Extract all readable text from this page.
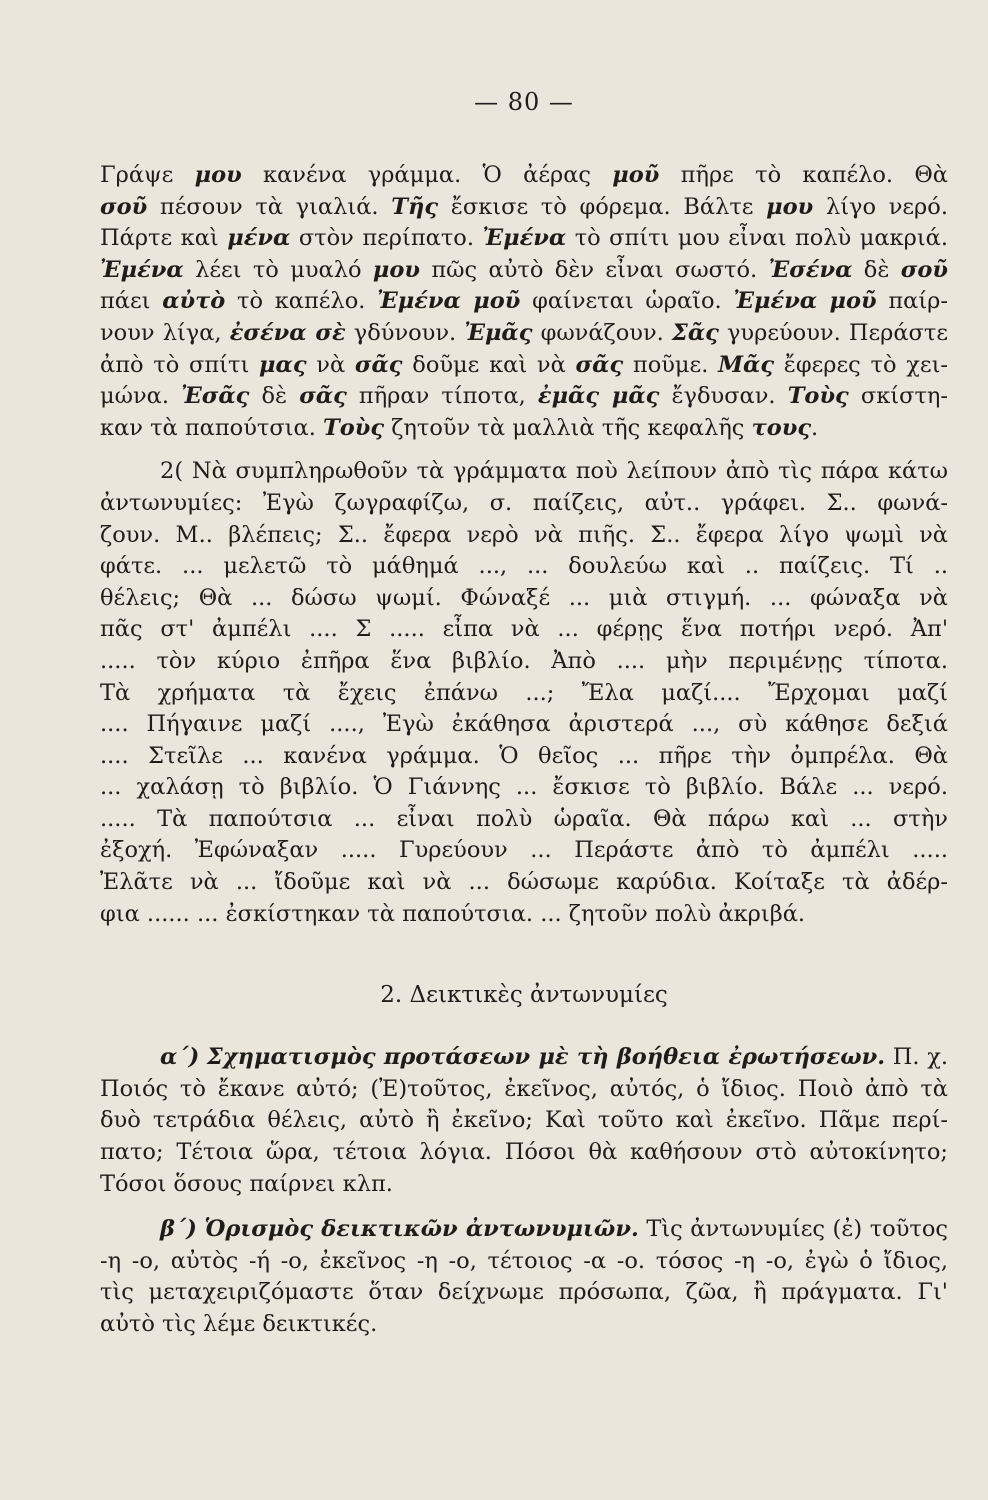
— 80 —
Γράψε μου κανένα γράμμα. Ὁ ἀέρας μοῦ πῆρε τὸ καπέλο. Θὰ
σοῦ πέσουν τὰ γιαλιά. Τῆς ἔσκισε τὸ φόρεμα. Βάλτε μου λίγο νερό.
Πάρτε καὶ μένα στὸν περίπατο. Ἐμένα τὸ σπίτι μου εἶναι πολὺ μακριά.
Ἐμένα λέει τὸ μυαλό μου πῶς αὐτὸ δὲν εἶναι σωστό. Ἐσένα δὲ σοῦ
πάει αὐτὸ τὸ καπέλο. Ἐμένα μοῦ φαίνεται ὡραῖο. Ἐμένα μοῦ παίρ-
νουν λίγα, ἐσένα σὲ γδύνουν. Ἐμᾶς φωνάζουν. Σᾶς γυρεύουν. Περάστε
ἀπὸ τὸ σπίτι μας νὰ σᾶς δοῦμε καὶ νὰ σᾶς ποῦμε. Μᾶς ἔφερες τὸ χει-
μώνα. Ἐσᾶς δὲ σᾶς πῆραν τίποτα, ἐμᾶς μᾶς ἔγδυσαν. Τοὺς σκίστη-
καν τὰ παπούτσια. Τοὺς ζητοῦν τὰ μαλλιὰ τῆς κεφαλῆς τους.
2( Νὰ συμπληρωθοῦν τὰ γράμματα ποὺ λείπουν ἀπὸ τὶς πάρα κάτω
ἀντωνυμίες: Ἐγὼ ζωγραφίζω, σ. παίζεις, αὐτ.. γράφει. Σ.. φωνά-
ζουν. Μ.. βλέπεις; Σ.. ἔφερα νερὸ νὰ πιῆς. Σ.. ἔφερα λίγο ψωμὶ νὰ
φάτε. ... μελετῶ τὸ μάθημά ..., ... δουλεύω καὶ .. παίζεις. Τί ..
θέλεις; Θὰ ... δώσω ψωμί. Φώναξέ ... μιὰ στιγμή. ... φώναξα νὰ
πᾶς στ' ἀμπέλι .... Σ ..... εἶπα νὰ ... φέρῃς ἕνα ποτήρι νερό. Ἀπ'
..... τὸν κύριο ἐπῆρα ἕνα βιβλίο. Ἀπὸ .... μὴν περιμένῃς τίποτα.
Τὰ χρήματα τὰ ἔχεις ἐπάνω ...; Ἔλα μαζί.... Ἔρχομαι μαζί
.... Πήγαινε μαζί ...., Ἐγὼ ἐκάθησα ἀριστερά ..., σὺ κάθησε δεξιά
.... Στεῖλε ... κανένα γράμμα. Ὁ θεῖος ... πῆρε τὴν ὀμπρέλα. Θὰ
... χαλάσῃ τὸ βιβλίο. Ὁ Γιάννης ... ἔσκισε τὸ βιβλίο. Βάλε ... νερό.
..... Τὰ παπούτσια ... εἶναι πολὺ ὡραῖα. Θὰ πάρω καὶ ... στὴν
ἐξοχή. Ἐφώναξαν ..... Γυρεύουν ... Περάστε ἀπὸ τὸ ἀμπέλι .....
Ἐλᾶτε νὰ ... ἴδοῦμε καὶ νὰ ... δώσωμε καρύδια. Κοίταξε τὰ ἀδέρ-
φια ...... ... ἐσκίστηκαν τὰ παπούτσια. ... ζητοῦν πολὺ ἀκριβά.
2. Δεικτικὲς ἀντωνυμίες
α΄) Σχηματισμὸς προτάσεων μὲ τὴ βοήθεια ἐρωτήσεων. Π. χ.
Ποιός τὸ ἔκανε αὐτό; (Ἐ)τοῦτος, ἐκεῖνος, αὐτός, ὁ ἴδιος. Ποιὸ ἀπὸ τὰ
δυὸ τετράδια θέλεις, αὐτὸ ἢ ἐκεῖνο; Καὶ τοῦτο καὶ ἐκεῖνο. Πᾶμε περί-
πατο; Τέτοια ὥρα, τέτοια λόγια. Πόσοι θὰ καθήσουν στὸ αὐτοκίνητο;
Τόσοι ὅσους παίρνει κλπ.
β΄) Ὁρισμὸς δεικτικῶν ἀντωνυμιῶν. Τὶς ἀντωνυμίες (ἐ) τοῦτος
-η -ο, αὐτὸς -ή -ο, ἐκεῖνος -η -ο, τέτοιος -α -ο. τόσος -η -ο, ἐγὼ ὁ ἴδιος,
τὶς μεταχειριζόμαστε ὅταν δείχνωμε πρόσωπα, ζῶα, ἢ πράγματα. Γι'
αὐτὸ τὶς λέμε δεικτικές.
